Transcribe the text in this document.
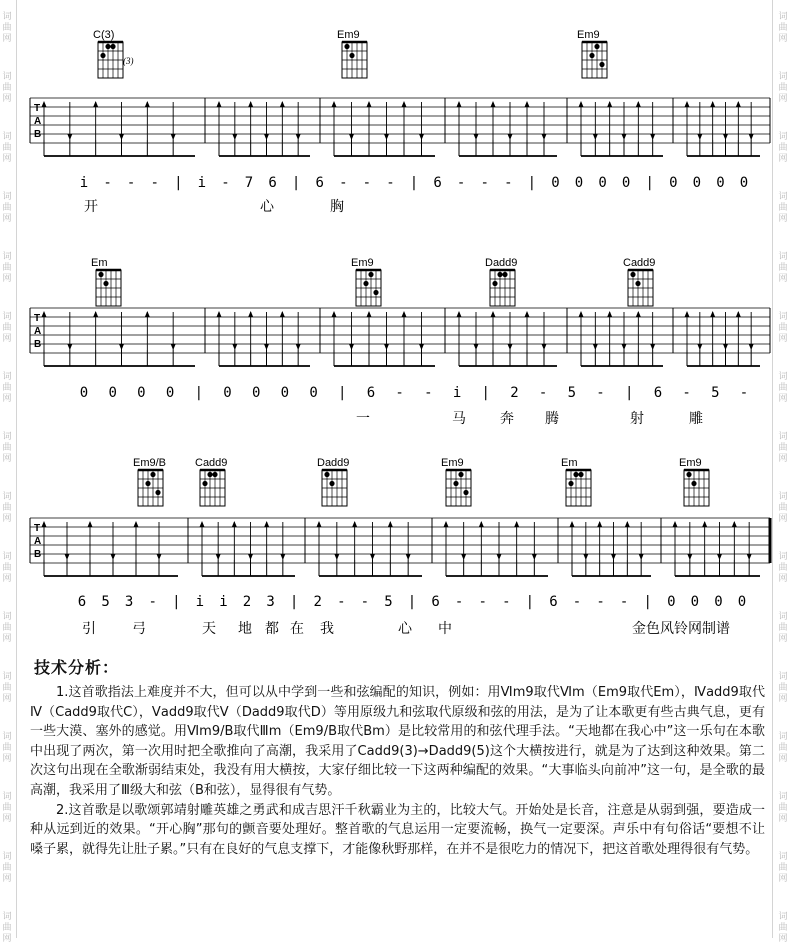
词
曲
网
词
曲
网
词
曲
网
词
曲
网
词
曲
网
词
曲
网
词
曲
网
词
曲
网
词
曲
网
词
曲
网
词
曲
网
词
曲
网
词
曲
网
词
曲
网
词
曲
网
词
曲
网
词
曲
网
词
曲
网
词
曲
网
词
曲
网
词
曲
网
词
曲
网
词
曲
网
词
曲
网
词
曲
网
词
曲
网
词
曲
网
词
曲
网
词
曲
网
词
曲
网
词
曲
网
词
曲
网
T
A
B
C(3)
(3)
Em9	Em9
i - - - | i - 7 6 | 6 - - - | 6 - - - | 0 0 0 0 | 0 0 0 0
开	心	胸
T
A
B
Em	Em9	Dadd9	Cadd9
0 0 0 0 | 0 0 0 0 | 6 - - i | 2 - 5 - | 6 - 5 -
一	马 奔 腾	射	雕
T
A
B
Em9/B	Cadd9	Dadd9	Em9	Em	Em9
6 5 3 - | i i 2 3 | 2 - - 5 | 6 - - - | 6 - - - | 0 0 0 0
引	弓	天 地 都 在 我	心 中	金色风铃网制谱
技术分析：

1.这首歌指法上难度并不大，但可以从中学到一些和弦编配的知识，例如：用Ⅵm9取代Ⅵm（Em9取代Em），Ⅳadd9取代Ⅳ（Cadd9取代C），Ⅴadd9取代Ⅴ（Dadd9取代D）等用原级九和弦取代原级和弦的用法，是为了让本歌更有些古典气息，更有一些大漠、塞外的感觉。用Ⅵm9/B取代Ⅲm（Em9/B取代Bm）是比较常用的和弦代理手法。“天地都在我心中”这一乐句在本歌中出现了两次，第一次用时把全歌推向了高潮，我采用了Cadd9(3)→Dadd9(5)这个大横按进行，就是为了达到这种效果。第二次这句出现在全歌渐弱结束处，我没有用大横按，大家仔细比较一下这两种编配的效果。“大事临头向前冲”这一句，是全歌的最高潮，我采用了Ⅲ级大和弦（B和弦），显得很有气势。

2.这首歌是以歌颂郭靖射雕英雄之勇武和成吉思汗千秋霸业为主的，比较大气。开始处是长音，注意是从弱到强，要造成一种从远到近的效果。“开心胸”那句的颤音要处理好。整首歌的气息运用一定要流畅，换气一定要深。声乐中有句俗话“要想不让嗓子累，就得先让肚子累。”只有在良好的气息支撑下，才能像秋野那样，在并不是很吃力的情况下，把这首歌处理得很有气势。
